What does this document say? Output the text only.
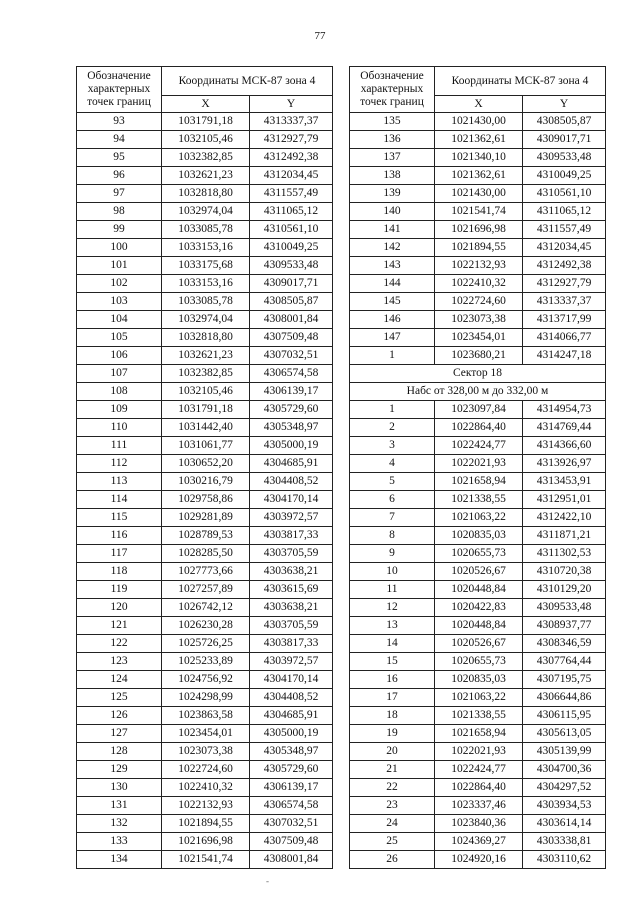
77
Обозначение
характерных
точек границ	Координаты МСК-87 зона 4	
	X	Y
93	1031791,18	4313337,37
94	1032105,46	4312927,79
95	1032382,85	4312492,38
96	1032621,23	4312034,45
97	1032818,80	4311557,49
98	1032974,04	4311065,12
99	1033085,78	4310561,10
100	1033153,16	4310049,25
101	1033175,68	4309533,48
102	1033153,16	4309017,71
103	1033085,78	4308505,87
104	1032974,04	4308001,84
105	1032818,80	4307509,48
106	1032621,23	4307032,51
107	1032382,85	4306574,58
108	1032105,46	4306139,17
109	1031791,18	4305729,60
110	1031442,40	4305348,97
111	1031061,77	4305000,19
112	1030652,20	4304685,91
113	1030216,79	4304408,52
114	1029758,86	4304170,14
115	1029281,89	4303972,57
116	1028789,53	4303817,33
117	1028285,50	4303705,59
118	1027773,66	4303638,21
119	1027257,89	4303615,69
120	1026742,12	4303638,21
121	1026230,28	4303705,59
122	1025726,25	4303817,33
123	1025233,89	4303972,57
124	1024756,92	4304170,14
125	1024298,99	4304408,52
126	1023863,58	4304685,91
127	1023454,01	4305000,19
128	1023073,38	4305348,97
129	1022724,60	4305729,60
130	1022410,32	4306139,17
131	1022132,93	4306574,58
132	1021894,55	4307032,51
133	1021696,98	4307509,48
134	1021541,74	4308001,84
Обозначение
характерных
точек границ	Координаты МСК-87 зона 4	
	X	Y
135	1021430,00	4308505,87
136	1021362,61	4309017,71
137	1021340,10	4309533,48
138	1021362,61	4310049,25
139	1021430,00	4310561,10
140	1021541,74	4311065,12
141	1021696,98	4311557,49
142	1021894,55	4312034,45
143	1022132,93	4312492,38
144	1022410,32	4312927,79
145	1022724,60	4313337,37
146	1023073,38	4313717,99
147	1023454,01	4314066,77
1	1023680,21	4314247,18
Сектор 18		
Набс от 328,00 м до 332,00 м		
1	1023097,84	4314954,73
2	1022864,40	4314769,44
3	1022424,77	4314366,60
4	1022021,93	4313926,97
5	1021658,94	4313453,91
6	1021338,55	4312951,01
7	1021063,22	4312422,10
8	1020835,03	4311871,21
9	1020655,73	4311302,53
10	1020526,67	4310720,38
11	1020448,84	4310129,20
12	1020422,83	4309533,48
13	1020448,84	4308937,77
14	1020526,67	4308346,59
15	1020655,73	4307764,44
16	1020835,03	4307195,75
17	1021063,22	4306644,86
18	1021338,55	4306115,95
19	1021658,94	4305613,05
20	1022021,93	4305139,99
21	1022424,77	4304700,36
22	1022864,40	4304297,52
23	1023337,46	4303934,53
24	1023840,36	4303614,14
25	1024369,27	4303338,81
26	1024920,16	4303110,62
-
